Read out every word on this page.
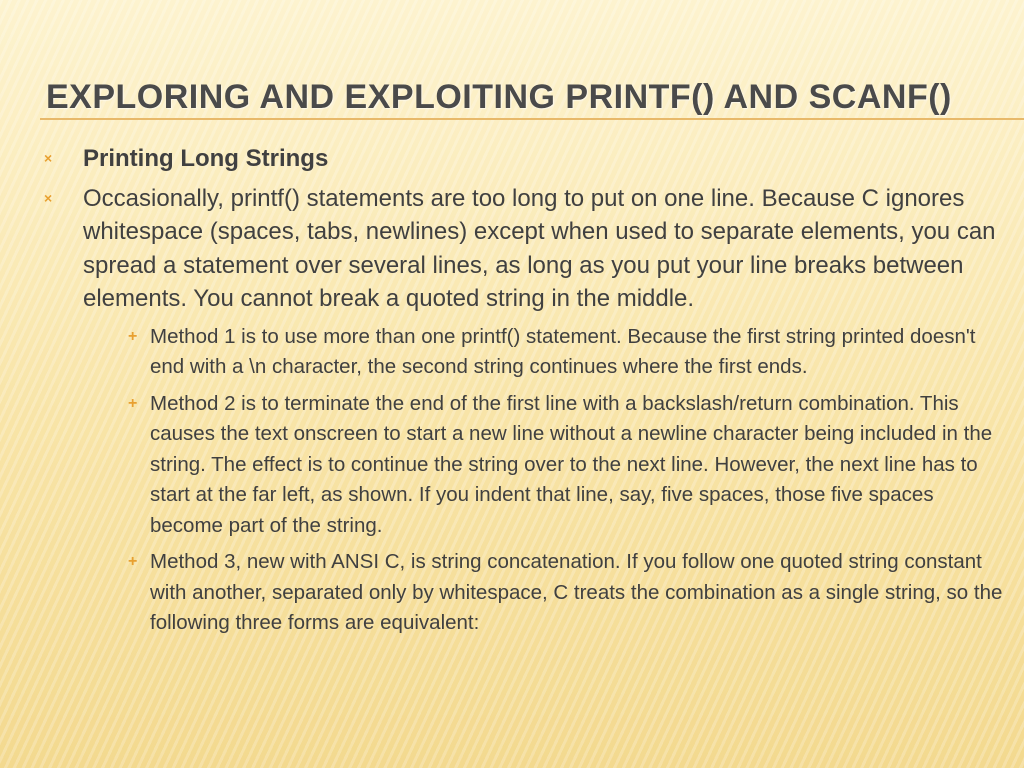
EXPLORING AND EXPLOITING PRINTF() AND SCANF()
×	Printing Long Strings
×	Occasionally, printf() statements are too long to put on one line. Because C ignores whitespace (spaces, tabs, newlines) except when used to separate elements, you can spread a statement over several lines, as long as you put your line breaks between elements. You cannot break a quoted string in the middle.
+ Method 1 is to use more than one printf() statement. Because the first string printed doesn't end with a \n character, the second string continues where the first ends.
+ Method 2 is to terminate the end of the first line with a backslash/return combination. This causes the text onscreen to start a new line without a newline character being included in the string. The effect is to continue the string over to the next line. However, the next line has to start at the far left, as shown. If you indent that line, say, five spaces, those five spaces become part of the string.
+ Method 3, new with ANSI C, is string concatenation. If you follow one quoted string constant with another, separated only by whitespace, C treats the combination as a single string, so the following three forms are equivalent:
